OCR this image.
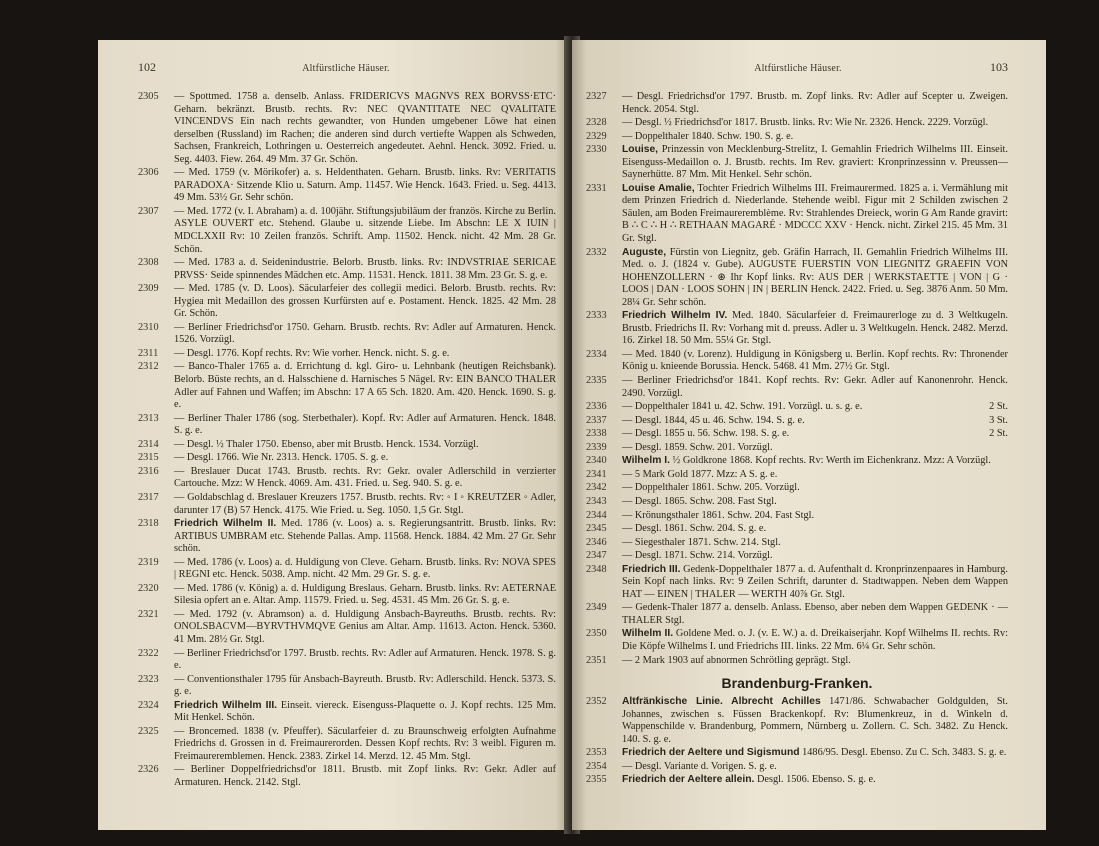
102	Altfürstliche Häuser.
2305	— Spottmed. 1758 a. denselb. Anlass. FRIDERICVS MAGNVS REX BORVSS·ETC· Geharn. bekränzt. Brustb. rechts. Rv: NEC QVANTITATE NEC QVALITATE VINCENDVS Ein nach rechts gewandter, von Hunden umgebener Löwe hat einen derselben (Russland) im Rachen; die anderen sind durch vertiefte Wappen als Schweden, Sachsen, Frankreich, Lothringen u. Oesterreich angedeutet. Aehnl. Henck. 3092. Fried. u. Seg. 4403. Fiew. 264. 49 Mm. 37 Gr. Schön.
2306	— Med. 1759 (v. Mörikofer) a. s. Heldenthaten. Geharn. Brustb. links. Rv: VERITATIS PARADOXA· Sitzende Klio u. Saturn. Amp. 11457. Wie Henck. 1643. Fried. u. Seg. 4413. 49 Mm. 53½ Gr. Sehr schön.
2307	— Med. 1772 (v. I. Abraham) a. d. 100jähr. Stiftungsjubiläum der französ. Kirche zu Berlin. ASYLE OUVERT etc. Stehend. Glaube u. sitzende Liebe. Im Abschn: LE X IUIN | MDCLXXII Rv: 10 Zeilen französ. Schrift. Amp. 11502. Henck. nicht. 42 Mm. 28 Gr. Schön.
2308	— Med. 1783 a. d. Seidenindustrie. Belorb. Brustb. links. Rv: INDVSTRIAE SERICAE PRVSS· Seide spinnendes Mädchen etc. Amp. 11531. Henck. 1811. 38 Mm. 23 Gr. S. g. e.
2309	— Med. 1785 (v. D. Loos). Säcularfeier des collegii medici. Belorb. Brustb. rechts. Rv: Hygiea mit Medaillon des grossen Kurfürsten auf e. Postament. Henck. 1825. 42 Mm. 28 Gr. Schön.
2310	— Berliner Friedrichsd'or 1750. Geharn. Brustb. rechts. Rv: Adler auf Armaturen. Henck. 1526. Vorzügl.
2311	— Desgl. 1776. Kopf rechts. Rv: Wie vorher. Henck. nicht. S. g. e.
2312	— Banco-Thaler 1765 a. d. Errichtung d. kgl. Giro- u. Lehnbank (heutigen Reichsbank). Belorb. Büste rechts, an d. Halsschiene d. Harnisches 5 Nägel. Rv: EIN BANCO THALER Adler auf Fahnen und Waffen; im Abschn: 17 A 65 Sch. 1820. Am. 420. Henck. 1690. S. g. e.
2313	— Berliner Thaler 1786 (sog. Sterbethaler). Kopf. Rv: Adler auf Armaturen. Henck. 1848. S. g. e.
2314	— Desgl. ½ Thaler 1750. Ebenso, aber mit Brustb. Henck. 1534. Vorzügl.
2315	— Desgl. 1766. Wie Nr. 2313. Henck. 1705. S. g. e.
2316	— Breslauer Ducat 1743. Brustb. rechts. Rv: Gekr. ovaler Adlerschild in verzierter Cartouche. Mzz: W Henck. 4069. Am. 431. Fried. u. Seg. 940. S. g. e.
2317	— Goldabschlag d. Breslauer Kreuzers 1757. Brustb. rechts. Rv: ◦ I ◦ KREUTZER ◦ Adler, darunter 17 (B) 57 Henck. 4175. Wie Fried. u. Seg. 1050. 1,5 Gr. Stgl.
2318	Friedrich Wilhelm II. Med. 1786 (v. Loos) a. s. Regierungsantritt. Brustb. links. Rv: ARTIBUS UMBRAM etc. Stehende Pallas. Amp. 11568. Henck. 1884. 42 Mm. 27 Gr. Sehr schön.
2319	— Med. 1786 (v. Loos) a. d. Huldigung von Cleve. Geharn. Brustb. links. Rv: NOVA SPES | REGNI etc. Henck. 5038. Amp. nicht. 42 Mm. 29 Gr. S. g. e.
2320	— Med. 1786 (v. König) a. d. Huldigung Breslaus. Geharn. Brustb. links. Rv: AETERNAE Silesia opfert an e. Altar. Amp. 11579. Fried. u. Seg. 4531. 45 Mm. 26 Gr. S. g. e.
2321	— Med. 1792 (v. Abramson) a. d. Huldigung Ansbach-Bayreuths. Brustb. rechts. Rv: ONOLSBACVM—BYRVTHVMQVE Genius am Altar. Amp. 11613. Acton. Henck. 5360. 41 Mm. 28½ Gr. Stgl.
2322	— Berliner Friedrichsd'or 1797. Brustb. rechts. Rv: Adler auf Armaturen. Henck. 1978. S. g. e.
2323	— Conventionsthaler 1795 für Ansbach-Bayreuth. Brustb. Rv: Adlerschild. Henck. 5373. S. g. e.
2324	Friedrich Wilhelm III. Einseit. viereck. Eisenguss-Plaquette o. J. Kopf rechts. 125 Mm. Mit Henkel. Schön.
2325	— Broncemed. 1838 (v. Pfeuffer). Säcularfeier d. zu Braunschweig erfolgten Aufnahme Friedrichs d. Grossen in d. Freimaurerorden. Dessen Kopf rechts. Rv: 3 weibl. Figuren m. Freimaureremblemen. Henck. 2383. Zirkel 14. Merzd. 12. 45 Mm. Stgl.
2326	— Berliner Doppelfriedrichsd'or 1811. Brustb. mit Zopf links. Rv: Gekr. Adler auf Armaturen. Henck. 2142. Stgl.
Altfürstliche Häuser.	103
2327	— Desgl. Friedrichsd'or 1797. Brustb. m. Zopf links. Rv: Adler auf Scepter u. Zweigen. Henck. 2054. Stgl.
2328	— Desgl. ½ Friedrichsd'or 1817. Brustb. links. Rv: Wie Nr. 2326. Henck. 2229. Vorzügl.
2329	— Doppelthaler 1840. Schw. 190. S. g. e.
2330	Louise, Prinzessin von Mecklenburg-Strelitz, I. Gemahlin Friedrich Wilhelms III. Einseit. Eisenguss-Medaillon o. J. Brustb. rechts. Im Rev. graviert: Kronprinzessinn v. Preussen—Saynerhütte. 87 Mm. Mit Henkel. Sehr schön.
2331	Louise Amalie, Tochter Friedrich Wilhelms III. Freimaurermed. 1825 a. i. Vermählung mit dem Prinzen Friedrich d. Niederlande. Stehende weibl. Figur mit 2 Schilden zwischen 2 Säulen, am Boden Freimaureremblème. Rv: Strahlendes Dreieck, worin G Am Rande gravirt: B ∴ C ∴ H ∴ RETHAAN MAGARÉ · MDCCC XXV · Henck. nicht. Zirkel 215. 45 Mm. 31 Gr. Stgl.
2332	Auguste, Fürstin von Liegnitz, geb. Gräfin Harrach, II. Gemahlin Friedrich Wilhelms III. Med. o. J. (1824 v. Gube). AUGUSTE FUERSTIN VON LIEGNITZ GRAEFIN VON HOHENZOLLERN · ⊛ Ihr Kopf links. Rv: AUS DER | WERKSTAETTE | VON | G · LOOS | DAN · LOOS SOHN | IN | BERLIN Henck. 2422. Fried. u. Seg. 3876 Anm. 50 Mm. 28¼ Gr. Sehr schön.
2333	Friedrich Wilhelm IV. Med. 1840. Säcularfeier d. Freimaurerloge zu d. 3 Weltkugeln. Brustb. Friedrichs II. Rv: Vorhang mit d. preuss. Adler u. 3 Weltkugeln. Henck. 2482. Merzd. 16. Zirkel 18. 50 Mm. 55¼ Gr. Stgl.
2334	— Med. 1840 (v. Lorenz). Huldigung in Königsberg u. Berlin. Kopf rechts. Rv: Thronender König u. knieende Borussia. Henck. 5468. 41 Mm. 27½ Gr. Stgl.
2335	— Berliner Friedrichsd'or 1841. Kopf rechts. Rv: Gekr. Adler auf Kanonenrohr. Henck. 2490. Vorzügl.
2336	— Doppelthaler 1841 u. 42. Schw. 191. Vorzügl. u. s. g. e.	2 St.
2337	— Desgl. 1844, 45 u. 46. Schw. 194. S. g. e.	3 St.
2338	— Desgl. 1855 u. 56. Schw. 198. S. g. e.	2 St.
2339	— Desgl. 1859. Schw. 201. Vorzügl.
2340	Wilhelm I. ½ Goldkrone 1868. Kopf rechts. Rv: Werth im Eichenkranz. Mzz: A Vorzügl.
2341	— 5 Mark Gold 1877. Mzz: A S. g. e.
2342	— Doppelthaler 1861. Schw. 205. Vorzügl.
2343	— Desgl. 1865. Schw. 208. Fast Stgl.
2344	— Krönungsthaler 1861. Schw. 204. Fast Stgl.
2345	— Desgl. 1861. Schw. 204. S. g. e.
2346	— Siegesthaler 1871. Schw. 214. Stgl.
2347	— Desgl. 1871. Schw. 214. Vorzügl.
2348	Friedrich III. Gedenk-Doppelthaler 1877 a. d. Aufenthalt d. Kronprinzenpaares in Hamburg. Sein Kopf nach links. Rv: 9 Zeilen Schrift, darunter d. Stadtwappen. Neben dem Wappen HAT — EINEN | THALER — WERTH 40⅞ Gr. Stgl.
2349	— Gedenk-Thaler 1877 a. denselb. Anlass. Ebenso, aber neben dem Wappen GEDENK · — THALER Stgl.
2350	Wilhelm II. Goldene Med. o. J. (v. E. W.) a. d. Dreikaiserjahr. Kopf Wilhelms II. rechts. Rv: Die Köpfe Wilhelms I. und Friedrichs III. links. 22 Mm. 6¼ Gr. Sehr schön.
2351	— 2 Mark 1903 auf abnormen Schrötling geprägt. Stgl.
Brandenburg-Franken.
2352	Altfränkische Linie. Albrecht Achilles 1471/86. Schwabacher Goldgulden, St. Johannes, zwischen s. Füssen Brackenkopf. Rv: Blumenkreuz, in d. Winkeln d. Wappenschilde v. Brandenburg, Pommern, Nürnberg u. Zollern. C. Sch. 3482. Zu Henck. 140. S. g. e.
2353	Friedrich der Aeltere und Sigismund 1486/95. Desgl. Ebenso. Zu C. Sch. 3483. S. g. e.
2354	— Desgl. Variante d. Vorigen. S. g. e.
2355	Friedrich der Aeltere allein. Desgl. 1506. Ebenso. S. g. e.
